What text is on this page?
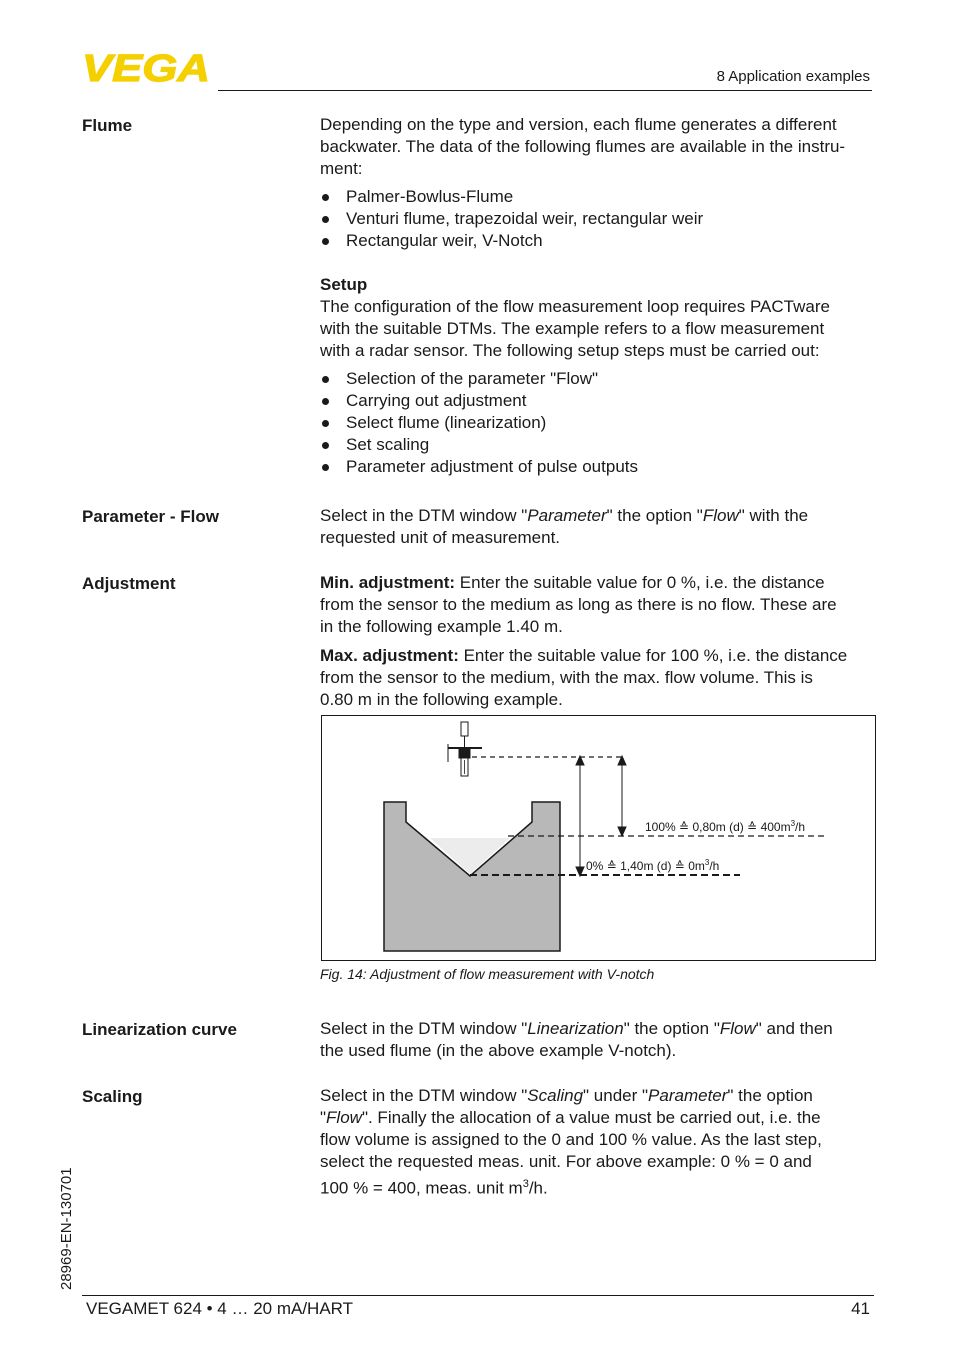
VEGA	8 Application examples
Flume	Depending on the type and version, each flume generates a different
backwater. The data of the following flumes are available in the instru-
ment:

Palmer-Bowlus-Flume
Venturi flume, trapezoidal weir, rectangular weir
Rectangular weir, V-Notch

Setup

The configuration of the flow measurement loop requires PACTware
with the suitable DTMs. The example refers to a flow measurement
with a radar sensor. The following setup steps must be carried out:

Selection of the parameter "Flow"
Carrying out adjustment
Select flume (linearization)
Set scaling
Parameter adjustment of pulse outputs
Parameter - Flow	Select in the DTM window "Parameter" the option "Flow" with the
requested unit of measurement.

Adjustment	Min. adjustment: Enter the suitable value for 0 %, i.e. the distance
from the sensor to the medium as long as there is no flow. These are
in the following example 1.40 m.

Max. adjustment: Enter the suitable value for 100 %, i.e. the distance
from the sensor to the medium, with the max. flow volume. This is
0.80 m in the following example.

100% ≙ 0,80m (d) ≙ $400m^3/h$
0% ≙ 1,40m (d) ≙ $0m^3/h$
Fig. 14: Adjustment of flow measurement with V-notch
Linearization curve	Select in the DTM window "Linearization" the option "Flow" and then
the used flume (in the above example V-notch).

Scaling	Select in the DTM window "Scaling" under "Parameter" the option
"Flow". Finally the allocation of a value must be carried out, i.e. the
flow volume is assigned to the 0 and 100 % value. As the last step,
select the requested meas. unit. For above example: 0 % = 0 and
100 % = 400, meas. unit $m^3/h$.

28969-EN-130701
VEGAMET 624 • 4 … 20 mA/HART	41
